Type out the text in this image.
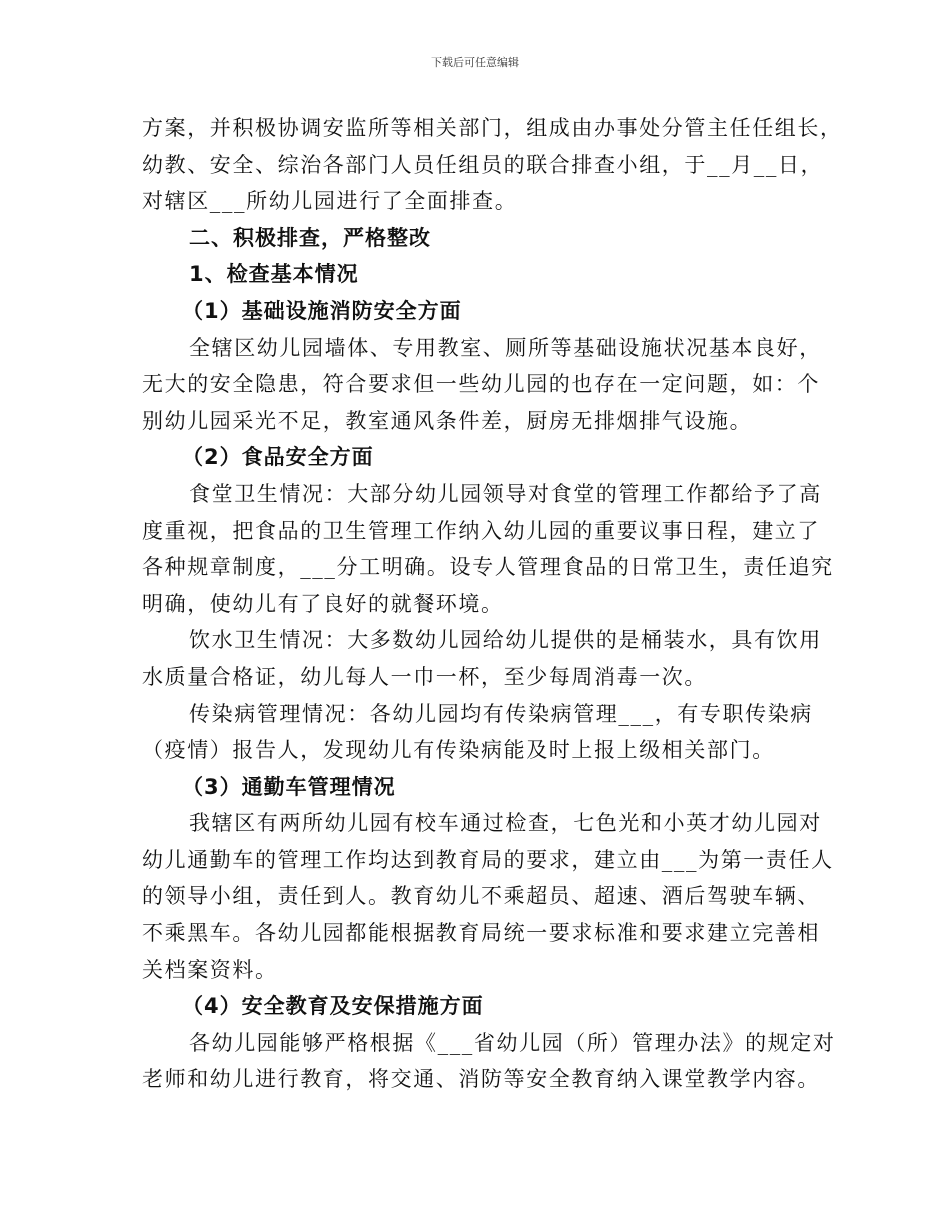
下载后可任意编辑
方案，并积极协调安监所等相关部门，组成由办事处分管主任任组长，
幼教、安全、综治各部门人员任组员的联合排查小组，于__月__日，
对辖区___所幼儿园进行了全面排查。
二、积极排查，严格整改
1、检查基本情况
（1）基础设施消防安全方面
全辖区幼儿园墙体、专用教室、厕所等基础设施状况基本良好，
无大的安全隐患，符合要求但一些幼儿园的也存在一定问题，如：个
别幼儿园采光不足，教室通风条件差，厨房无排烟排气设施。
（2）食品安全方面
食堂卫生情况：大部分幼儿园领导对食堂的管理工作都给予了高
度重视，把食品的卫生管理工作纳入幼儿园的重要议事日程，建立了
各种规章制度，___分工明确。设专人管理食品的日常卫生，责任追究
明确，使幼儿有了良好的就餐环境。
饮水卫生情况：大多数幼儿园给幼儿提供的是桶装水，具有饮用
水质量合格证，幼儿每人一巾一杯，至少每周消毒一次。
传染病管理情况：各幼儿园均有传染病管理___，有专职传染病
（疫情）报告人，发现幼儿有传染病能及时上报上级相关部门。
（3）通勤车管理情况
我辖区有两所幼儿园有校车通过检查，七色光和小英才幼儿园对
幼儿通勤车的管理工作均达到教育局的要求，建立由___为第一责任人
的领导小组，责任到人。教育幼儿不乘超员、超速、酒后驾驶车辆、
不乘黑车。各幼儿园都能根据教育局统一要求标准和要求建立完善相
关档案资料。
（4）安全教育及安保措施方面
各幼儿园能够严格根据《___省幼儿园（所）管理办法》的规定对
老师和幼儿进行教育，将交通、消防等安全教育纳入课堂教学内容。
